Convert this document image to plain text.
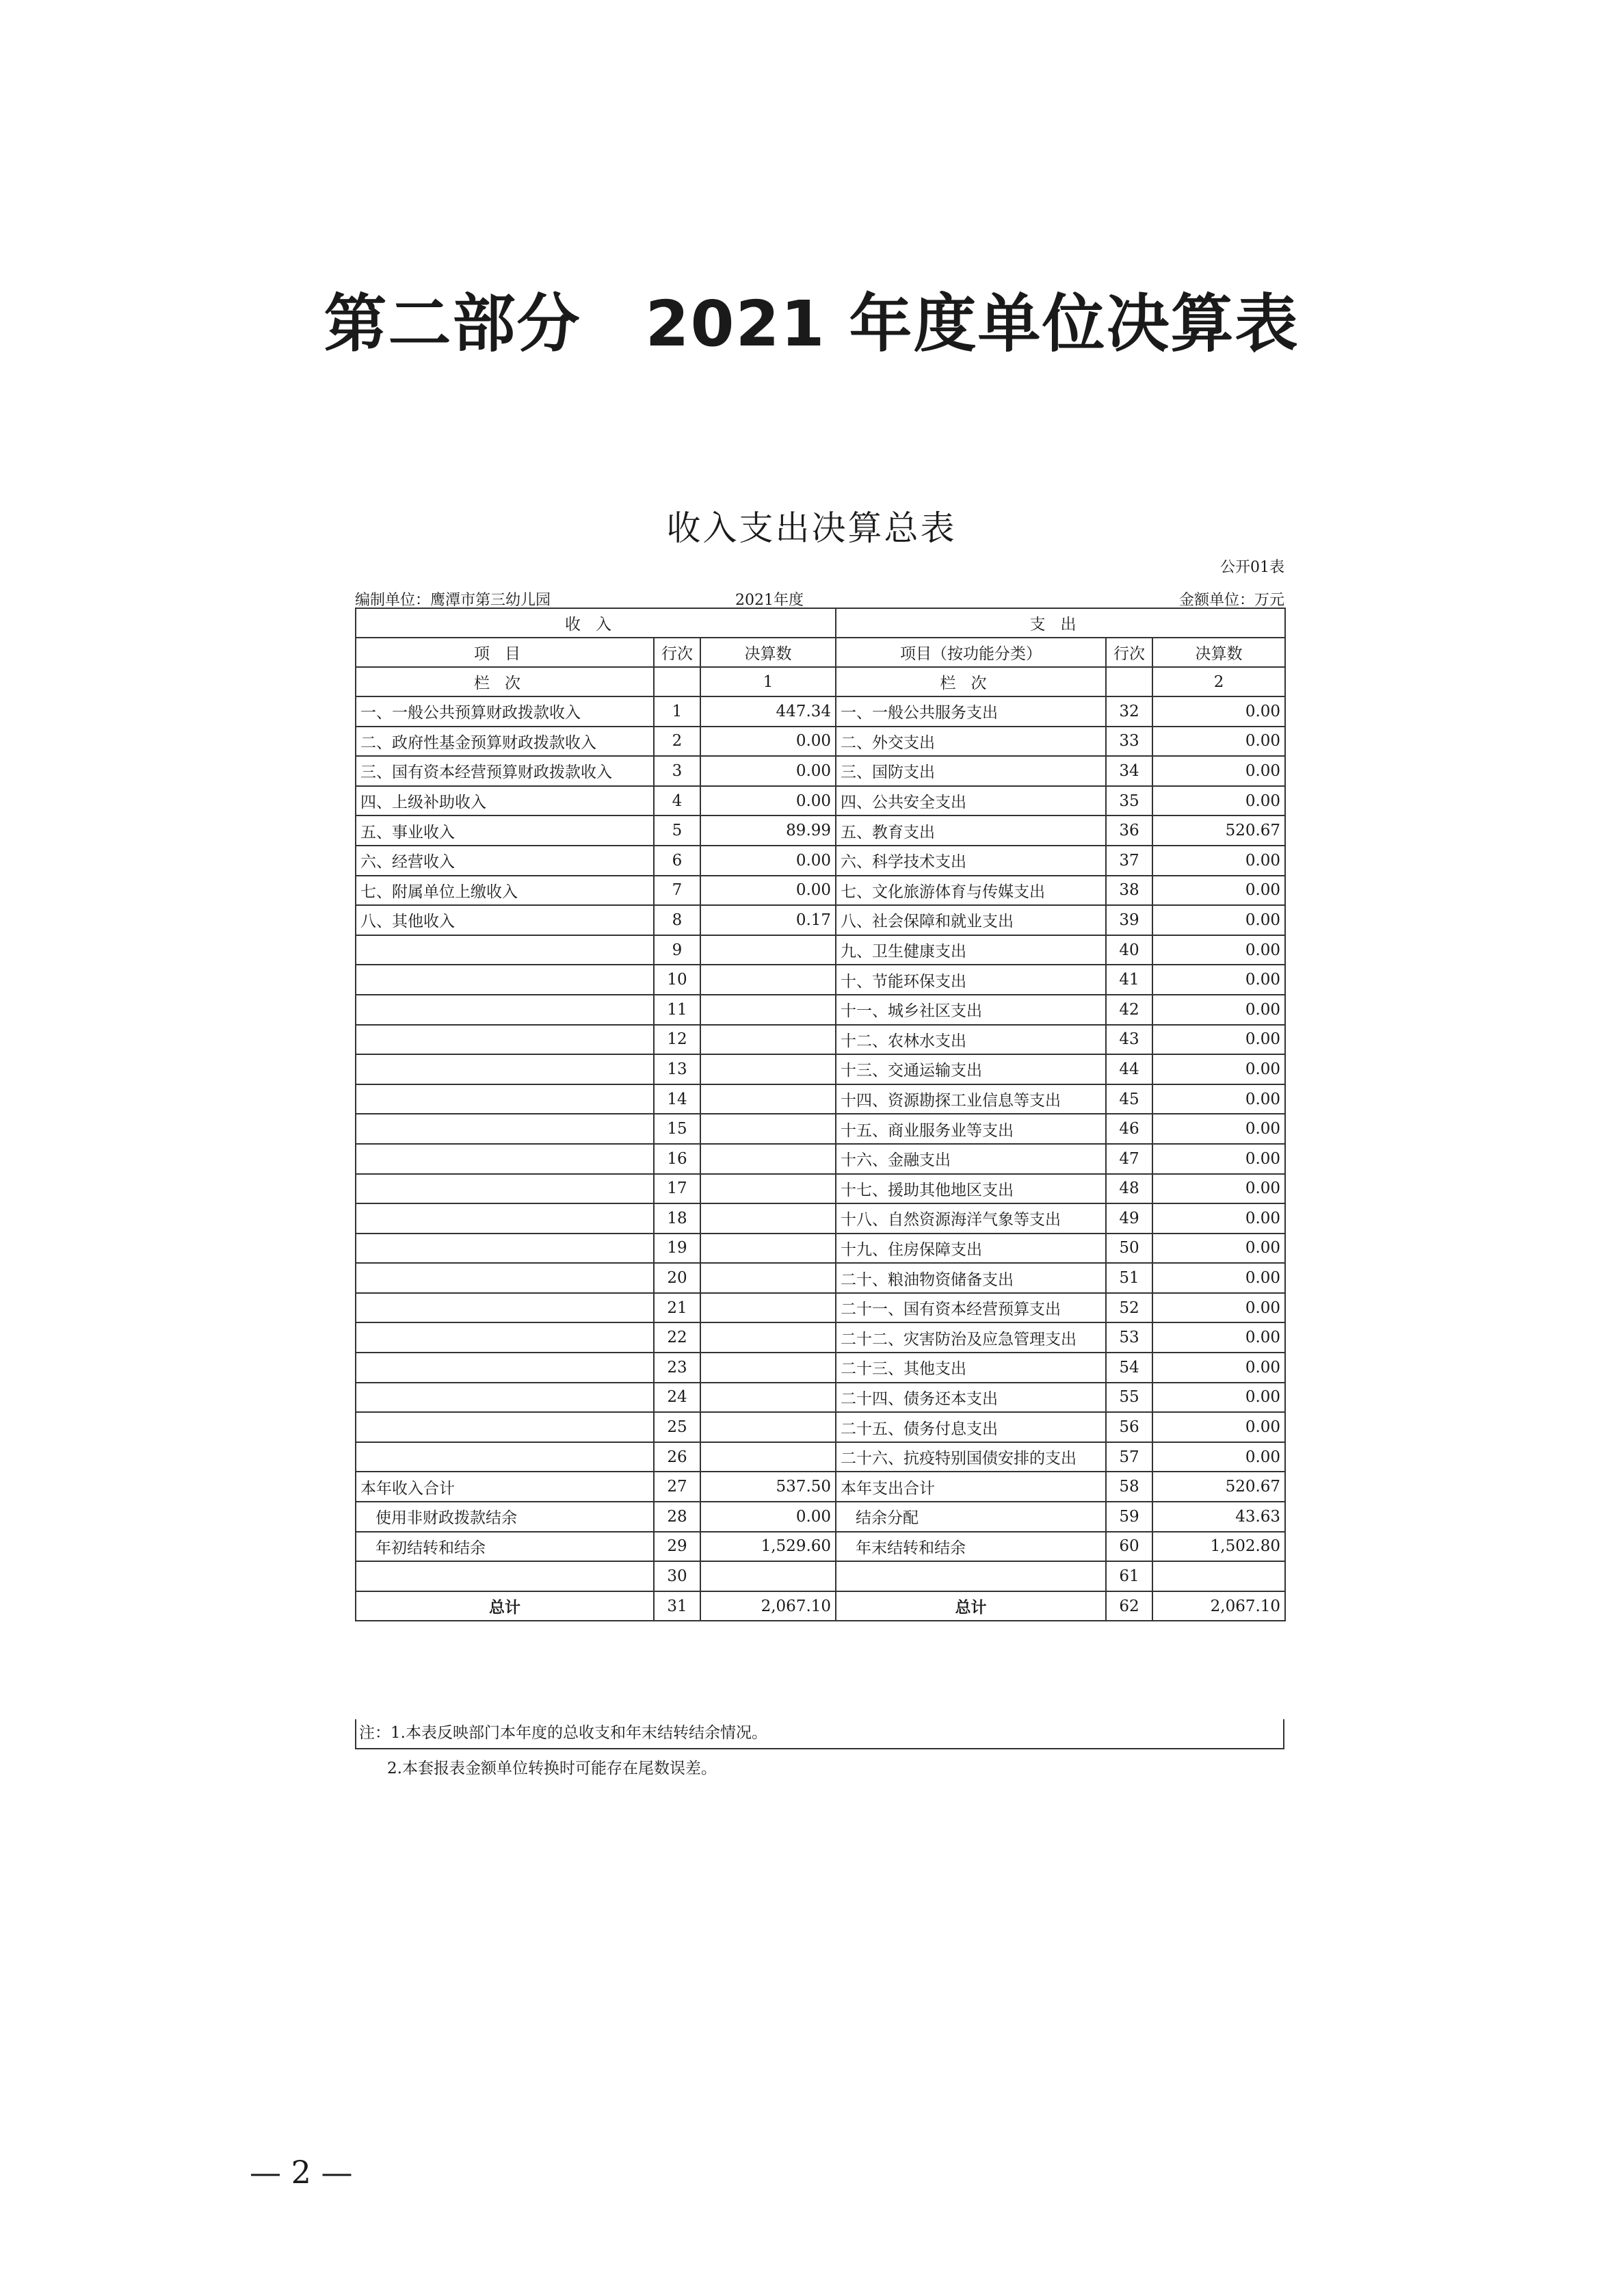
第二部分　2021 年度单位决算表
收入支出决算总表
公开01表
编制单位：鹰潭市第三幼儿园	2021年度	金额单位：万元
收入			支出		
项目	行次	决算数	项目（按功能分类）	行次	决算数
栏次		1	栏次		2
一、一般公共预算财政拨款收入	1	447.34	一、一般公共服务支出	32	0.00
二、政府性基金预算财政拨款收入	2	0.00	二、外交支出	33	0.00
三、国有资本经营预算财政拨款收入	3	0.00	三、国防支出	34	0.00
四、上级补助收入	4	0.00	四、公共安全支出	35	0.00
五、事业收入	5	89.99	五、教育支出	36	520.67
六、经营收入	6	0.00	六、科学技术支出	37	0.00
七、附属单位上缴收入	7	0.00	七、文化旅游体育与传媒支出	38	0.00
八、其他收入	8	0.17	八、社会保障和就业支出	39	0.00
	9		九、卫生健康支出	40	0.00
	10		十、节能环保支出	41	0.00
	11		十一、城乡社区支出	42	0.00
	12		十二、农林水支出	43	0.00
	13		十三、交通运输支出	44	0.00
	14		十四、资源勘探工业信息等支出	45	0.00
	15		十五、商业服务业等支出	46	0.00
	16		十六、金融支出	47	0.00
	17		十七、援助其他地区支出	48	0.00
	18		十八、自然资源海洋气象等支出	49	0.00
	19		十九、住房保障支出	50	0.00
	20		二十、粮油物资储备支出	51	0.00
	21		二十一、国有资本经营预算支出	52	0.00
	22		二十二、灾害防治及应急管理支出	53	0.00
	23		二十三、其他支出	54	0.00
	24		二十四、债务还本支出	55	0.00
	25		二十五、债务付息支出	56	0.00
	26		二十六、抗疫特别国债安排的支出	57	0.00
本年收入合计	27	537.50	本年支出合计	58	520.67
使用非财政拨款结余	28	0.00	结余分配	59	43.63
年初结转和结余	29	1,529.60	年末结转和结余	60	1,502.80
	30			61	
总计	31	2,067.10	总计	62	2,067.10
注：1.本表反映部门本年度的总收支和年末结转结余情况。
2.本套报表金额单位转换时可能存在尾数误差。
— 2 —
